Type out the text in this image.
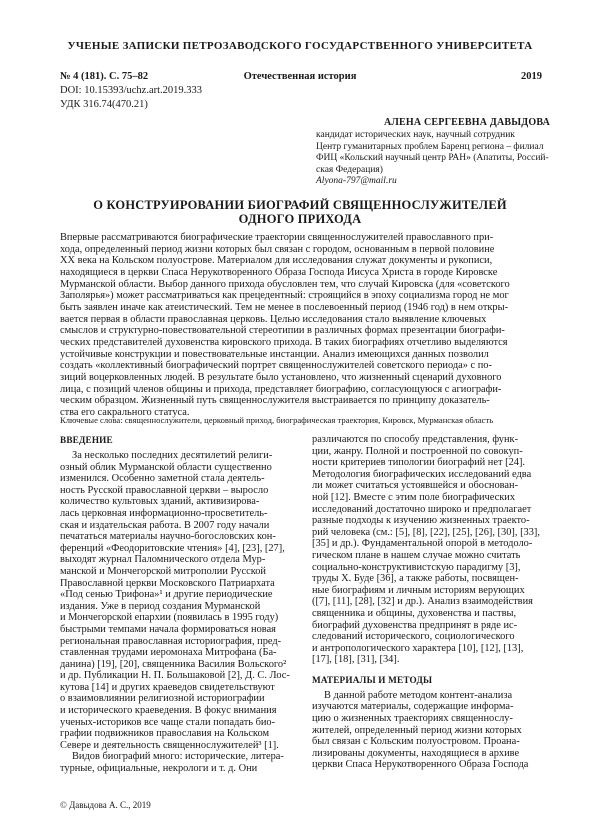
УЧЕНЫЕ ЗАПИСКИ ПЕТРОЗАВОДСКОГО ГОСУДАРСТВЕННОГО УНИВЕРСИТЕТА
№ 4 (181). С. 75–82	Отечественная история	2019
DOI: 10.15393/uchz.art.2019.333
УДК 316.74(470.21)
АЛЕНА СЕРГЕЕВНА ДАВЫДОВА
кандидат исторических наук, научный сотрудник
Центр гуманитарных проблем Баренц региона – филиал
ФИЦ «Кольский научный центр РАН» (Апатиты, Россий-
ская Федерация)
Alyona-797@mail.ru
О КОНСТРУИРОВАНИИ БИОГРАФИЙ СВЯЩЕННОСЛУЖИТЕЛЕЙ
ОДНОГО ПРИХОДА
Впервые рассматриваются биографические траектории священнослужителей православного при-
хода, определенный период жизни которых был связан с городом, основанным в первой половине
XX века на Кольском полуострове. Материалом для исследования служат документы и рукописи,
находящиеся в церкви Спаса Нерукотворенного Образа Господа Иисуса Христа в городе Кировске
Мурманской области. Выбор данного прихода обусловлен тем, что случай Кировска (для «советского
Заполярья») может рассматриваться как прецедентный: строящийся в эпоху социализма город не мог
быть заявлен иначе как атеистический. Тем не менее в послевоенный период (1946 год) в нем откры-
вается первая в области православная церковь. Целью исследования стало выявление ключевых
смыслов и структурно-повествовательной стереотипии в различных формах презентации биографи-
ческих представителей духовенства кировского прихода. В таких биографиях отчетливо выделяются
устойчивые конструкции и повествовательные инстанции. Анализ имеющихся данных позволил
создать «коллективный биографический портрет священнослужителей советского периода» с по-
зиций воцерковленных людей. В результате было установлено, что жизненный сценарий духовного
лица, с позиций членов общины и прихода, представляет биографию, согласующуюся с агиографи-
ческим образцом. Жизненный путь священнослужителя выстраивается по принципу доказатель-
ства его сакрального статуса.
Ключевые слова: священнослужители, церковный приход, биографическая траектория, Кировск, Мурманская область
ВВЕДЕНИЕ
За несколько последних десятилетий религи-
озный облик Мурманской области существенно
изменился. Особенно заметной стала деятель-
ность Русской православной церкви – выросло
количество культовых зданий, активизирова-
лась церковная информационно-просветитель-
ская и издательская работа. В 2007 году начали
печататься материалы научно-богословских кон-
ференций «Феодоритовские чтения» [4], [23], [27],
выходят журнал Паломнического отдела Мур-
манской и Мончегорской митрополии Русской
Православной церкви Московского Патриархата
«Под сенью Трифона»¹ и другие периодические
издания. Уже в период создания Мурманской
и Мончегорской епархии (появилась в 1995 году)
быстрыми темпами начала формироваться новая
региональная православная историография, пред-
ставленная трудами иеромонаха Митрофана (Ба-
данина) [19], [20], священника Василия Вольского²
и др. Публикации Н. П. Большаковой [2], Д. С. Лос-
кутова [14] и других краеведов свидетельствуют
о взаимовлиянии религиозной историографии
и исторического краеведения. В фокус внимания
ученых-историков все чаще стали попадать био-
графии подвижников православия на Кольском
Севере и деятельность священнослужителей³ [1].
Видов биографий много: исторические, литера-
турные, официальные, некрологи и т. д. Они
различаются по способу представления, функ-
ции, жанру. Полной и построенной по совокуп-
ности критериев типологии биографий нет [24].
Методология биографических исследований едва
ли может считаться устоявшейся и обоснован-
ной [12]. Вместе с этим поле биографических
исследований достаточно широко и предполагает
разные подходы к изучению жизненных траекто-
рий человека (см.: [5], [8], [22], [25], [26], [30], [33],
[35] и др.). Фундаментальной опорой в методоло-
гическом плане в нашем случае можно считать
социально-конструктивистскую парадигму [3],
труды Х. Буде [36], а также работы, посвящен-
ные биографиям и личным историям верующих
([7], [11], [28], [32] и др.). Анализ взаимодействия
священника и общины, духовенства и паствы,
биографий духовенства предпринят в ряде ис-
следований исторического, социологического
и антропологического характера [10], [12], [13],
[17], [18], [31], [34].
МАТЕРИАЛЫ И МЕТОДЫ
В данной работе методом контент-анализа
изучаются материалы, содержащие информа-
цию о жизненных траекториях священнослу-
жителей, определенный период жизни которых
был связан с Кольским полуостровом. Проана-
лизированы документы, находящиеся в архиве
церкви Спаса Нерукотворенного Образа Господа
© Давыдова А. С., 2019
